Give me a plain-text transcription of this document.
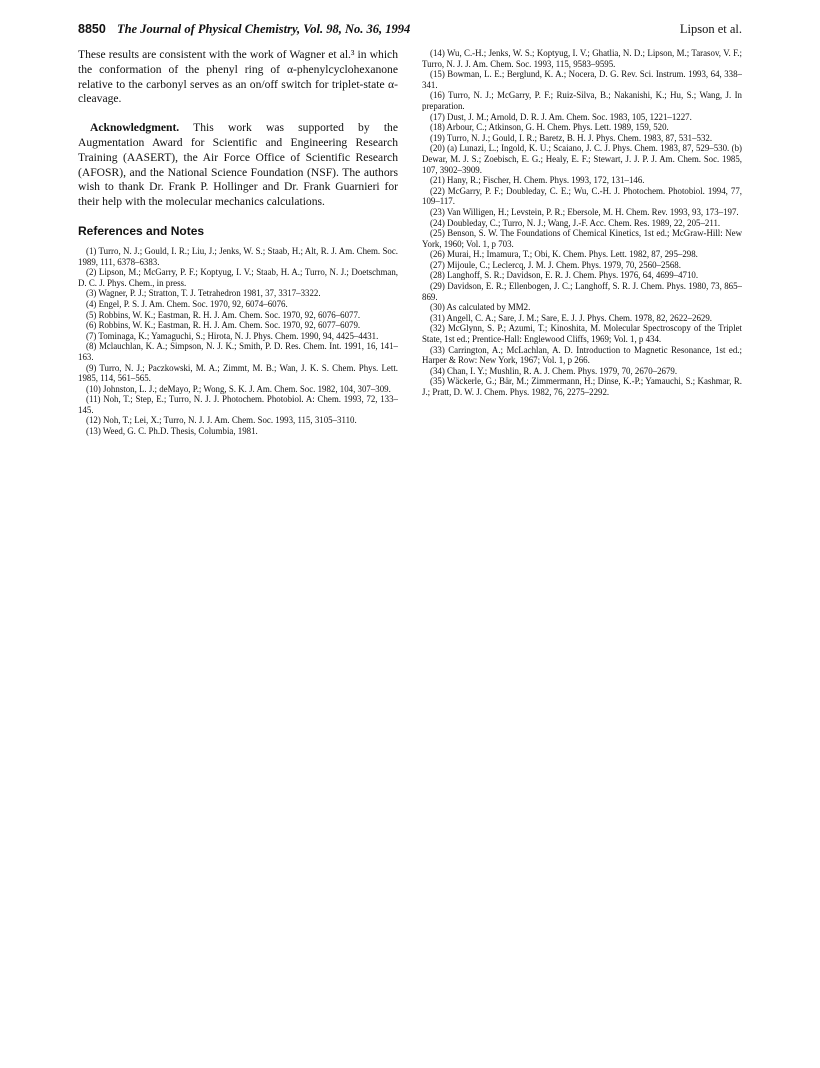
8850 The Journal of Physical Chemistry, Vol. 98, No. 36, 1994	Lipson et al.

These results are consistent with the work of Wagner et al.³ in which the conformation of the phenyl ring of α-phenylcyclohexanone relative to the carbonyl serves as an on/off switch for triplet-state α-cleavage.

Acknowledgment. This work was supported by the Augmentation Award for Scientific and Engineering Research Training (AASERT), the Air Force Office of Scientific Research (AFOSR), and the National Science Foundation (NSF). The authors wish to thank Dr. Frank P. Hollinger and Dr. Frank Guarnieri for their help with the molecular mechanics calculations.

References and Notes
(1) Turro, N. J.; Gould, I. R.; Liu, J.; Jenks, W. S.; Staab, H.; Alt, R. J. Am. Chem. Soc. 1989, 111, 6378–6383.
(2) Lipson, M.; McGarry, P. F.; Koptyug, I. V.; Staab, H. A.; Turro, N. J.; Doetschman, D. C. J. Phys. Chem., in press.
(3) Wagner, P. J.; Stratton, T. J. Tetrahedron 1981, 37, 3317–3322.
(4) Engel, P. S. J. Am. Chem. Soc. 1970, 92, 6074–6076.
(5) Robbins, W. K.; Eastman, R. H. J. Am. Chem. Soc. 1970, 92, 6076–6077.
(6) Robbins, W. K.; Eastman, R. H. J. Am. Chem. Soc. 1970, 92, 6077–6079.
(7) Tominaga, K.; Yamaguchi, S.; Hirota, N. J. Phys. Chem. 1990, 94, 4425–4431.
(8) Mclauchlan, K. A.; Simpson, N. J. K.; Smith, P. D. Res. Chem. Int. 1991, 16, 141–163.
(9) Turro, N. J.; Paczkowski, M. A.; Zimmt, M. B.; Wan, J. K. S. Chem. Phys. Lett. 1985, 114, 561–565.
(10) Johnston, L. J.; deMayo, P.; Wong, S. K. J. Am. Chem. Soc. 1982, 104, 307–309.
(11) Noh, T.; Step, E.; Turro, N. J. J. Photochem. Photobiol. A: Chem. 1993, 72, 133–145.
(12) Noh, T.; Lei, X.; Turro, N. J. J. Am. Chem. Soc. 1993, 115, 3105–3110.
(13) Weed, G. C. Ph.D. Thesis, Columbia, 1981.
(14) Wu, C.-H.; Jenks, W. S.; Koptyug, I. V.; Ghatlia, N. D.; Lipson, M.; Tarasov, V. F.; Turro, N. J. J. Am. Chem. Soc. 1993, 115, 9583–9595.
(15) Bowman, L. E.; Berglund, K. A.; Nocera, D. G. Rev. Sci. Instrum. 1993, 64, 338–341.
(16) Turro, N. J.; McGarry, P. F.; Ruiz-Silva, B.; Nakanishi, K.; Hu, S.; Wang, J. In preparation.
(17) Dust, J. M.; Arnold, D. R. J. Am. Chem. Soc. 1983, 105, 1221–1227.
(18) Arbour, C.; Atkinson, G. H. Chem. Phys. Lett. 1989, 159, 520.
(19) Turro, N. J.; Gould, I. R.; Baretz, B. H. J. Phys. Chem. 1983, 87, 531–532.
(20) (a) Lunazi, L.; Ingold, K. U.; Scaiano, J. C. J. Phys. Chem. 1983, 87, 529–530. (b) Dewar, M. J. S.; Zoebisch, E. G.; Healy, E. F.; Stewart, J. J. P. J. Am. Chem. Soc. 1985, 107, 3902–3909.
(21) Hany, R.; Fischer, H. Chem. Phys. 1993, 172, 131–146.
(22) McGarry, P. F.; Doubleday, C. E.; Wu, C.-H. J. Photochem. Photobiol. 1994, 77, 109–117.
(23) Van Willigen, H.; Levstein, P. R.; Ebersole, M. H. Chem. Rev. 1993, 93, 173–197.
(24) Doubleday, C.; Turro, N. J.; Wang, J.-F. Acc. Chem. Res. 1989, 22, 205–211.
(25) Benson, S. W. The Foundations of Chemical Kinetics, 1st ed.; McGraw-Hill: New York, 1960; Vol. 1, p 703.
(26) Murai, H.; Imamura, T.; Obi, K. Chem. Phys. Lett. 1982, 87, 295–298.
(27) Mijoule, C.; Leclercq, J. M. J. Chem. Phys. 1979, 70, 2560–2568.
(28) Langhoff, S. R.; Davidson, E. R. J. Chem. Phys. 1976, 64, 4699–4710.
(29) Davidson, E. R.; Ellenbogen, J. C.; Langhoff, S. R. J. Chem. Phys. 1980, 73, 865–869.
(30) As calculated by MM2.
(31) Angell, C. A.; Sare, J. M.; Sare, E. J. J. Phys. Chem. 1978, 82, 2622–2629.
(32) McGlynn, S. P.; Azumi, T.; Kinoshita, M. Molecular Spectroscopy of the Triplet State, 1st ed.; Prentice-Hall: Englewood Cliffs, 1969; Vol. 1, p 434.
(33) Carrington, A.; McLachlan, A. D. Introduction to Magnetic Resonance, 1st ed.; Harper & Row: New York, 1967; Vol. 1, p 266.
(34) Chan, I. Y.; Mushlin, R. A. J. Chem. Phys. 1979, 70, 2670–2679.
(35) Wäckerle, G.; Bär, M.; Zimmermann, H.; Dinse, K.-P.; Yamauchi, S.; Kashmar, R. J.; Pratt, D. W. J. Chem. Phys. 1982, 76, 2275–2292.
